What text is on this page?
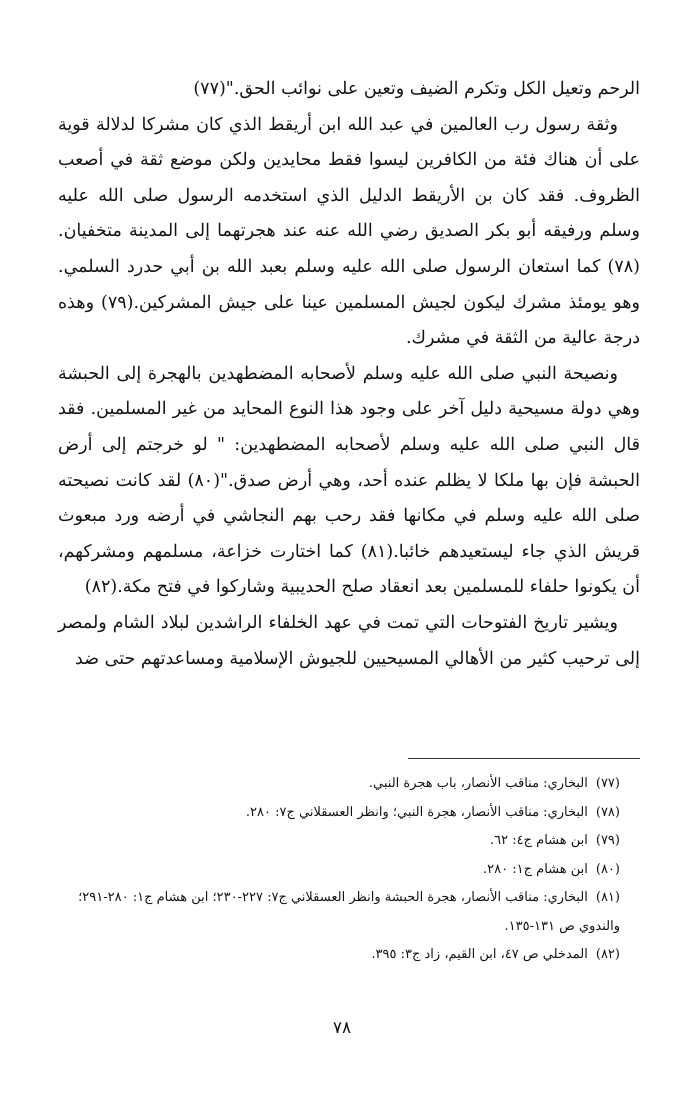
الرحم وتعيل الكل وتكرم الضيف وتعين على نوائب الحق."(٧٧)

وثقة رسول رب العالمين في عبد الله ابن أريقط الذي كان مشركا لدلالة قوية على أن هناك فئة من الكافرين ليسوا فقط محايدين ولكن موضع ثقة في أصعب الظروف. فقد كان بن الأريقط الدليل الذي استخدمه الرسول صلى الله عليه وسلم ورفيقه أبو بكر الصديق رضي الله عنه عند هجرتهما إلى المدينة متخفيان.(٧٨) كما استعان الرسول صلى الله عليه وسلم بعبد الله بن أبي حدرد السلمي. وهو يومئذ مشرك ليكون لجيش المسلمين عينا على جيش المشركين.(٧٩) وهذه درجة عالية من الثقة في مشرك.

ونصيحة النبي صلى الله عليه وسلم لأصحابه المضطهدين بالهجرة إلى الحبشة وهي دولة مسيحية دليل آخر على وجود هذا النوع المحايد من غير المسلمين. فقد قال النبي صلى الله عليه وسلم لأصحابه المضطهدين: " لو خرجتم إلى أرض الحبشة فإن بها ملكا لا يظلم عنده أحد، وهي أرض صدق."(٨٠) لقد كانت نصيحته صلى الله عليه وسلم في مكانها فقد رحب بهم النجاشي في أرضه ورد مبعوث قريش الذي جاء ليستعيدهم خائبا.(٨١) كما اختارت خزاعة، مسلمهم ومشركهم، أن يكونوا حلفاء للمسلمين بعد انعقاد صلح الحديبية وشاركوا في فتح مكة.(٨٢)

ويشير تاريخ الفتوحات التي تمت في عهد الخلفاء الراشدين لبلاد الشام ولمصر إلى ترحيب كثير من الأهالي المسيحيين للجيوش الإسلامية ومساعدتهم حتى ضد

(٧٧)البخاري: مناقب الأنصار، باب هجرة النبي.

(٧٨)البخاري: مناقب الأنصار، هجرة النبي؛ وانظر العسقلاني ج٧: ٢٨٠.

(٧٩)ابن هشام ج٤: ٦٢.

(٨٠)ابن هشام ج١: ٢٨٠.

(٨١)البخاري: مناقب الأنصار، هجرة الحبشة وانظر العسقلاني ج٧: ٢٢٧-٢٣٠؛ ابن هشام ج١: ٢٨٠-٢٩١؛ والندوي ص ١٣١-١٣٥.

(٨٢)المدخلي ص ٤٧، ابن القيم، زاد ج٣: ٣٩٥.

٧٨
